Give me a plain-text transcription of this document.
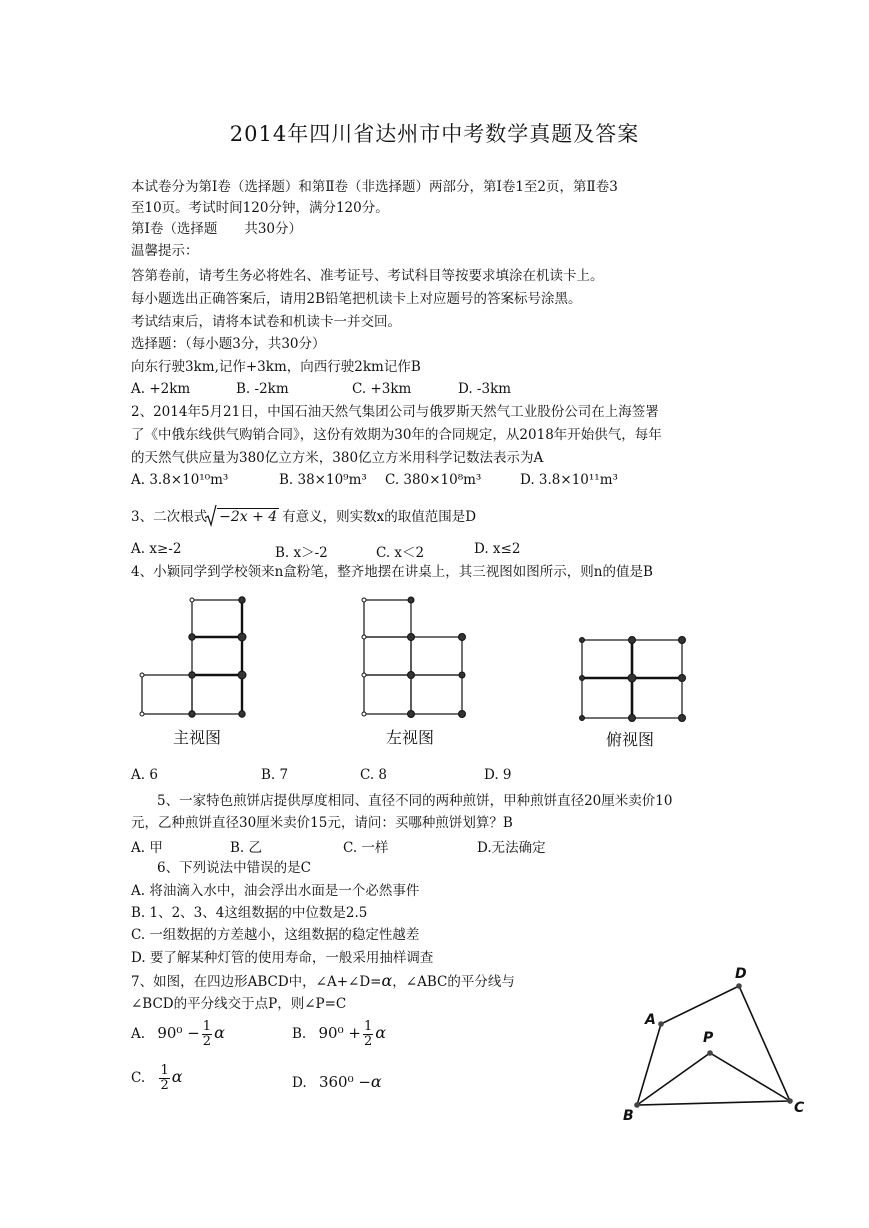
2014年四川省达州市中考数学真题及答案
本试卷分为第Ⅰ卷（选择题）和第Ⅱ卷（非选择题）两部分，第Ⅰ卷1至2页，第Ⅱ卷3
至10页。考试时间120分钟，满分120分。
第Ⅰ卷（选择题　　共30分）
温馨提示：
答第卷前，请考生务必将姓名、准考证号、考试科目等按要求填涂在机读卡上。
每小题选出正确答案后，请用2B铅笔把机读卡上对应题号的答案标号涂黑。
考试结束后，请将本试卷和机读卡一并交回。
选择题：（每小题3分，共30分）
向东行驶3km,记作+3km，向西行驶2km记作B
A. +2km	B. -2km	C. +3km	D. -3km
2、2014年5月21日，中国石油天然气集团公司与俄罗斯天然气工业股份公司在上海签署
了《中俄东线供气购销合同》，这份有效期为30年的合同规定，从2018年开始供气，每年
的天然气供应量为380亿立方米，380亿立方米用科学记数法表示为A
A. 3.8×10¹⁰m³	B. 38×10⁹m³ C. 380×10⁸m³	D. 3.8×10¹¹m³
3、二次根式 −2x + 4 有意义，则实数x的取值范围是D
A. x≥-2	B. x＞-2	C. x＜2	D. x≤2
4、小颖同学到学校领来n盒粉笔，整齐地摆在讲桌上，其三视图如图所示，则n的值是B
主视图	左视图	俯视图
A. 6	B. 7	C. 8	D. 9
5、一家特色煎饼店提供厚度相同、直径不同的两种煎饼，甲种煎饼直径20厘米卖价10
元，乙种煎饼直径30厘米卖价15元，请问：买哪种煎饼划算？B
A. 甲	B. 乙	C. 一样	D.无法确定
6、下列说法中错误的是C
A. 将油滴入水中，油会浮出水面是一个必然事件
B. 1、2、3、4这组数据的中位数是2.5
C. 一组数据的方差越小，这组数据的稳定性越差
D. 要了解某种灯管的使用寿命，一般采用抽样调查
7、如图，在四边形ABCD中，∠A+∠D=α，∠ABC的平分线与
∠BCD的平分线交于点P，则∠P=C
A. $90^0 - \frac{1}{2}$ α	B. $90^0 + \frac{1}{2}$ α
C. $\frac{1}{2}$ α	D. 360⁰ −α
A
D
P
B	C
